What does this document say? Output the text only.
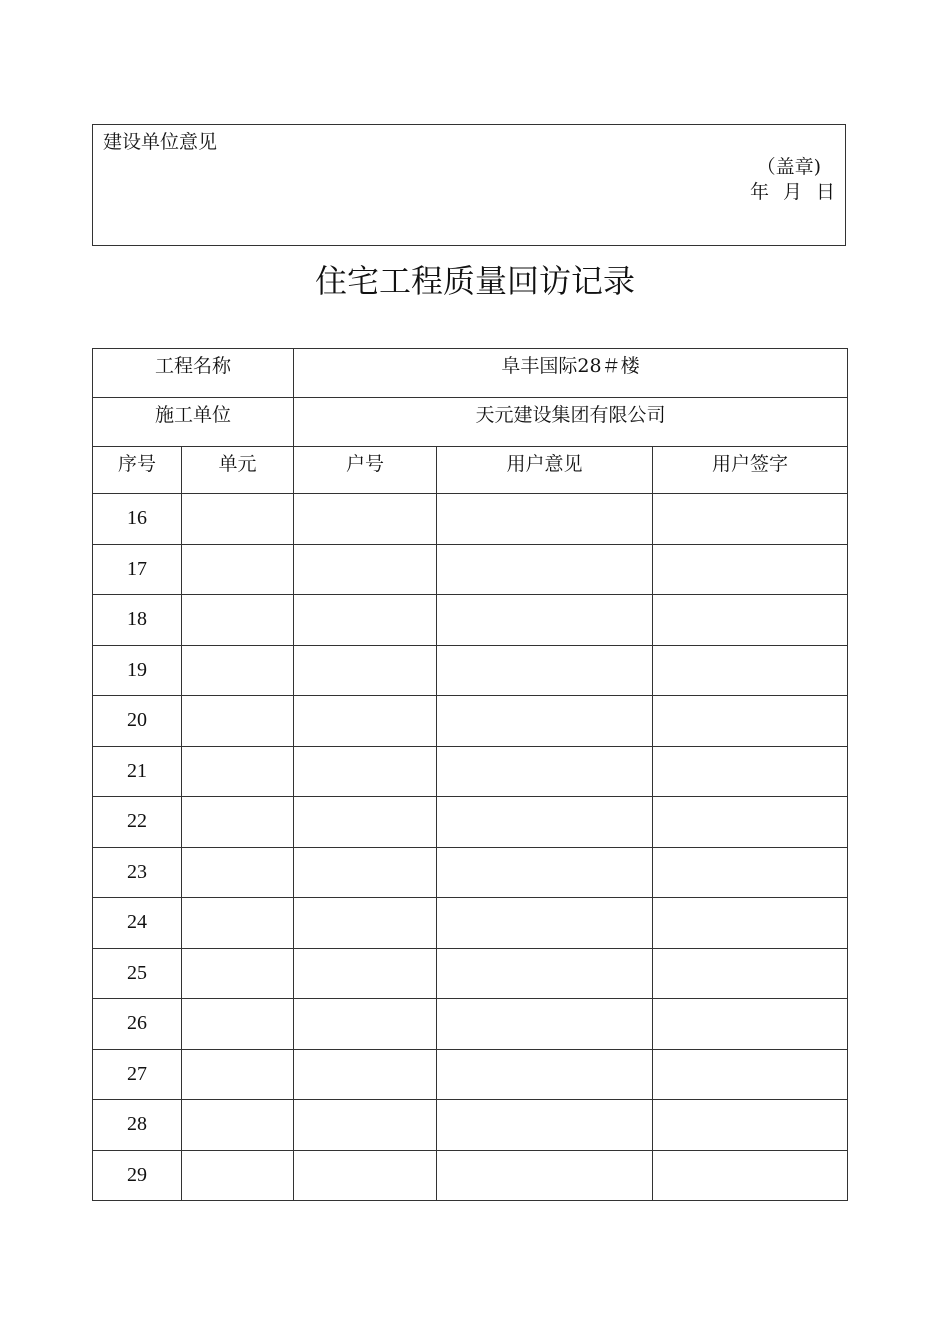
建设单位意见
（盖章)
年 月 日
住宅工程质量回访记录
工程名称		阜丰国际28＃楼		
施工单位		天元建设集团有限公司		
序号	单元	户号	用户意见	用户签字
16				
17				
18				
19				
20				
21				
22				
23				
24				
25				
26				
27				
28				
29				
